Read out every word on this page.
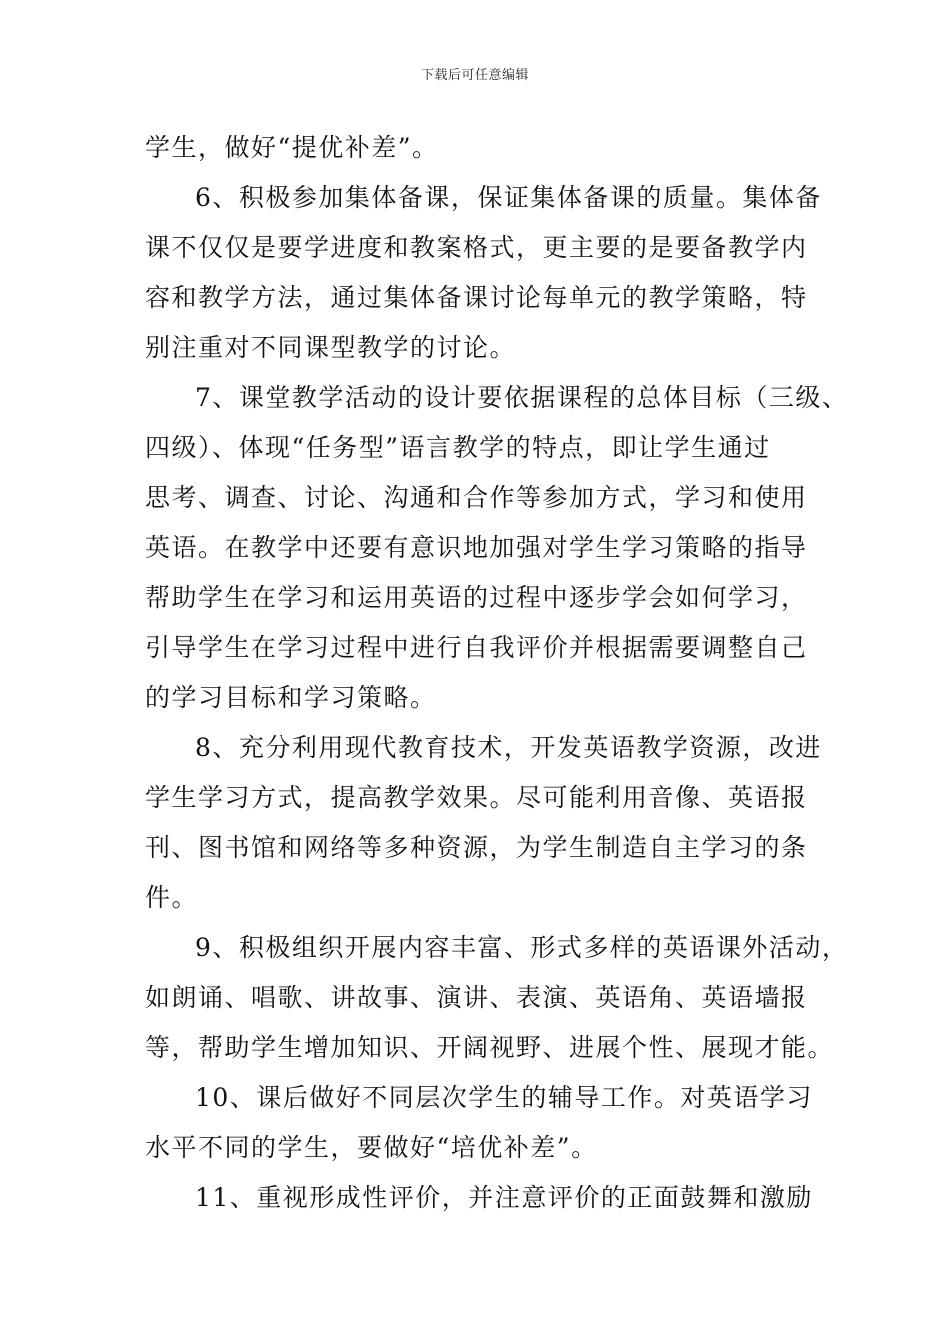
下载后可任意编辑
学生，做好“提优补差”。
6、积极参加集体备课，保证集体备课的质量。集体备
课不仅仅是要学进度和教案格式，更主要的是要备教学内
容和教学方法，通过集体备课讨论每单元的教学策略，特
别注重对不同课型教学的讨论。
7、课堂教学活动的设计要依据课程的总体目标（三级、
四级）、体现“任务型”语言教学的特点，即让学生通过
思考、调查、讨论、沟通和合作等参加方式，学习和使用
英语。在教学中还要有意识地加强对学生学习策略的指导
帮助学生在学习和运用英语的过程中逐步学会如何学习，
引导学生在学习过程中进行自我评价并根据需要调整自己
的学习目标和学习策略。
8、充分利用现代教育技术，开发英语教学资源，改进
学生学习方式，提高教学效果。尽可能利用音像、英语报
刊、图书馆和网络等多种资源，为学生制造自主学习的条
件。
9、积极组织开展内容丰富、形式多样的英语课外活动，
如朗诵、唱歌、讲故事、演讲、表演、英语角、英语墙报
等，帮助学生增加知识、开阔视野、进展个性、展现才能。
10、课后做好不同层次学生的辅导工作。对英语学习
水平不同的学生，要做好“培优补差”。
11、重视形成性评价，并注意评价的正面鼓舞和激励
